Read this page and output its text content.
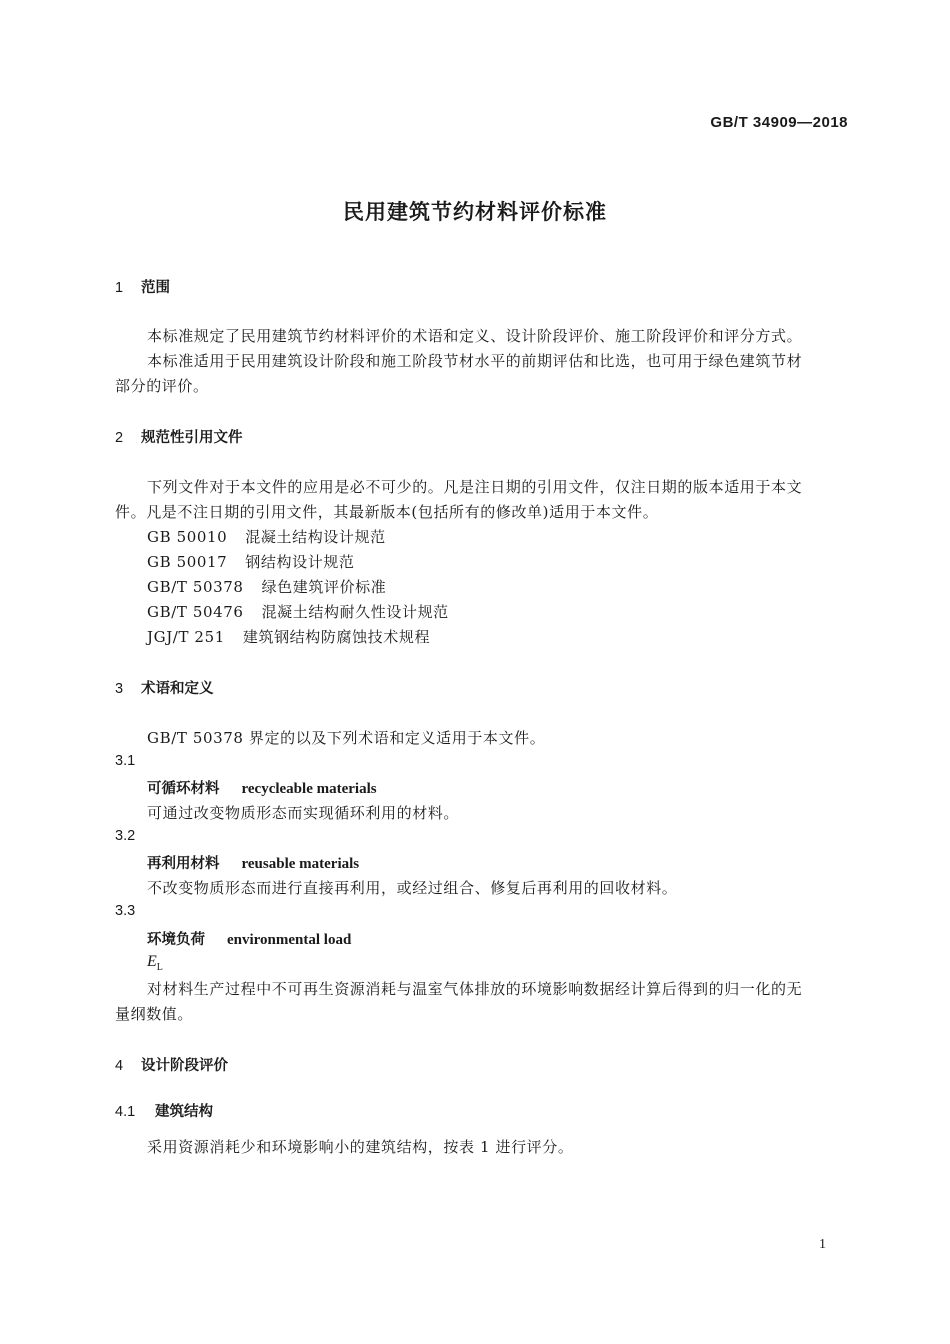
GB/T 34909—2018
民用建筑节约材料评价标准
1 范围
本标准规定了民用建筑节约材料评价的术语和定义、设计阶段评价、施工阶段评价和评分方式。
本标准适用于民用建筑设计阶段和施工阶段节材水平的前期评估和比选，也可用于绿色建筑节材
部分的评价。
2 规范性引用文件
下列文件对于本文件的应用是必不可少的。凡是注日期的引用文件，仅注日期的版本适用于本文
件。凡是不注日期的引用文件，其最新版本(包括所有的修改单)适用于本文件。
GB 50010 混凝土结构设计规范
GB 50017 钢结构设计规范
GB/T 50378 绿色建筑评价标准
GB/T 50476 混凝土结构耐久性设计规范
JGJ/T 251 建筑钢结构防腐蚀技术规程
3 术语和定义
GB/T 50378 界定的以及下列术语和定义适用于本文件。
3.1
可循环材料 recycleable materials
可通过改变物质形态而实现循环利用的材料。
3.2
再利用材料 reusable materials
不改变物质形态而进行直接再利用，或经过组合、修复后再利用的回收材料。
3.3
环境负荷 environmental load
$E_L$
对材料生产过程中不可再生资源消耗与温室气体排放的环境影响数据经计算后得到的归一化的无
量纲数值。
4 设计阶段评价
4.1 建筑结构
采用资源消耗少和环境影响小的建筑结构，按表 1 进行评分。
1
